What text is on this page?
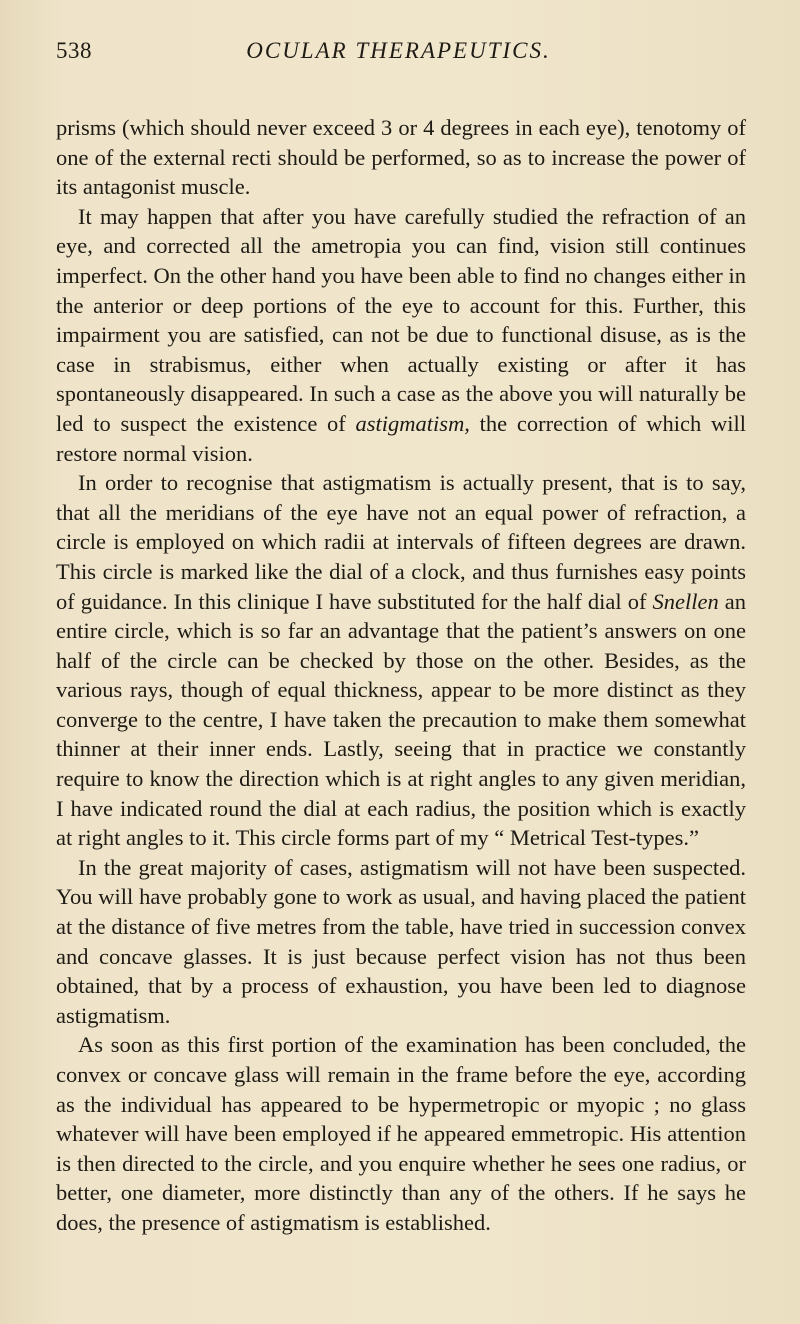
538	OCULAR THERAPEUTICS.

prisms (which should never exceed 3 or 4 degrees in each eye), tenotomy of one of the external recti should be performed, so as to increase the power of its antagonist muscle.

It may happen that after you have carefully studied the refraction of an eye, and corrected all the ametropia you can find, vision still continues imperfect. On the other hand you have been able to find no changes either in the anterior or deep portions of the eye to account for this. Further, this impairment you are satisfied, can not be due to functional disuse, as is the case in strabismus, either when actually existing or after it has spontaneously disappeared. In such a case as the above you will naturally be led to suspect the existence of astigmatism, the correction of which will restore normal vision.

In order to recognise that astigmatism is actually present, that is to say, that all the meridians of the eye have not an equal power of refraction, a circle is employed on which radii at intervals of fifteen degrees are drawn. This circle is marked like the dial of a clock, and thus furnishes easy points of guidance. In this clinique I have substituted for the half dial of Snellen an entire circle, which is so far an advantage that the patient’s answers on one half of the circle can be checked by those on the other. Besides, as the various rays, though of equal thickness, appear to be more distinct as they converge to the centre, I have taken the precaution to make them somewhat thinner at their inner ends. Lastly, seeing that in practice we constantly require to know the direction which is at right angles to any given meridian, I have indicated round the dial at each radius, the position which is exactly at right angles to it. This circle forms part of my “ Metrical Test-types.”

In the great majority of cases, astigmatism will not have been suspected. You will have probably gone to work as usual, and having placed the patient at the distance of five metres from the table, have tried in succession convex and concave glasses. It is just because perfect vision has not thus been obtained, that by a process of exhaustion, you have been led to diagnose astigmatism.

As soon as this first portion of the examination has been concluded, the convex or concave glass will remain in the frame before the eye, according as the individual has appeared to be hypermetropic or myopic ; no glass whatever will have been employed if he appeared emmetropic. His attention is then directed to the circle, and you enquire whether he sees one radius, or better, one diameter, more distinctly than any of the others. If he says he does, the presence of astigmatism is established.
